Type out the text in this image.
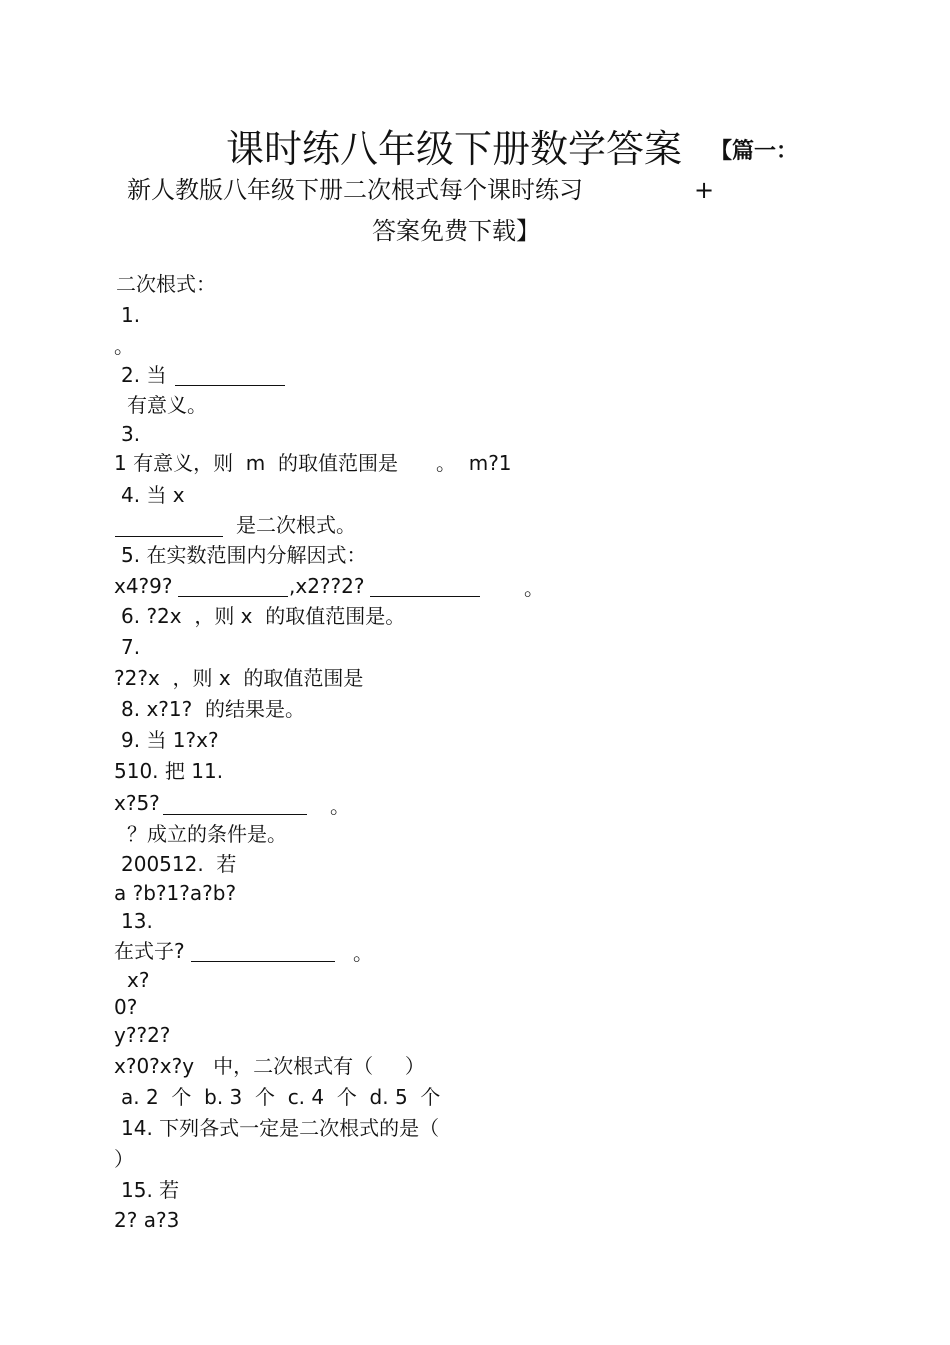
课时练八年级下册数学答案 【篇一：
新人教版八年级下册二次根式每个课时练习	+
答案免费下载】
二次根式：
1.
。
2. 当
有意义。
3.
1 有意义，则  m  的取值范围是 。  m?1
4. 当 x
是二次根式。
5. 在实数范围内分解因式：
x4?9?	,x2??2?	。
6. ?2x  ，则 x  的取值范围是。
7.
?2?x  ，则 x  的取值范围是
8. x?1?  的结果是。
9. 当 1?x?
510. 把 11.
x?5?	。
？成立的条件是。
200512.  若
a ?b?1?a?b?
13.
在式子?	。
x?
0?
y??2?
x?0?x?y   中，二次根式有（     ）
a. 2  个  b. 3  个  c. 4  个  d. 5  个
14. 下列各式一定是二次根式的是（
）
15. 若
2? a?3
